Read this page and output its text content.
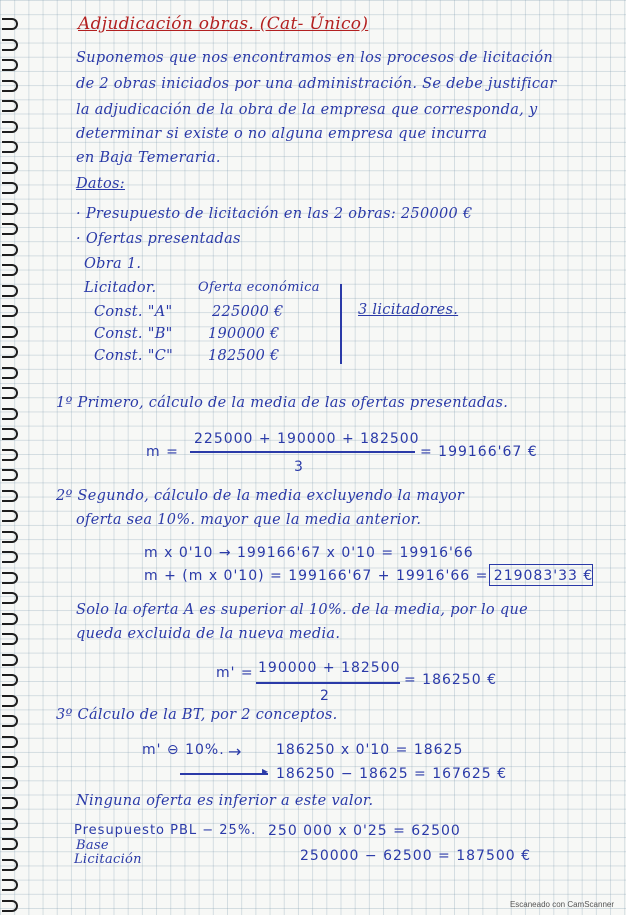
Adjudicación obras. (Cat- Único)
Suponemos que nos encontramos en los procesos de licitación
de 2 obras iniciados por una administración. Se debe justificar
la adjudicación de la obra de la empresa que corresponda, y
determinar si existe o no alguna empresa que incurra
en Baja Temeraria.
Datos:
· Presupuesto de licitación en las 2 obras: 250000 €
· Ofertas presentadas
Obra 1.
Licitador.	Oferta económica
Const. "A"	225000 €
Const. "B" 190000 €
Const. "C" 182500 €
3 licitadores.
1º Primero, cálculo de la media de las ofertas presentadas.
m =
225000 + 190000 + 182500
3
= 199166'67 €
2º Segundo, cálculo de la media excluyendo la mayor
oferta sea 10%. mayor que la media anterior.
m x 0'10 → 199166'67 x 0'10 = 19916'66
m + (m x 0'10) = 199166'67 + 19916'66 = 219083'33 €
Solo la oferta A es superior al 10%. de la media, por lo que
queda excluida de la nueva media.
m' = 190000 + 182500
2
= 186250 €
3º Cálculo de la BT, por 2 conceptos.
m' ⊖ 10%. → 186250 x 0'10 = 18625
▸ 186250 − 18625 = 167625 €
Ninguna oferta es inferior a este valor.
Presupuesto PBL − 25%. 250 000 x 0'25 = 62500
Base
Licitación	250000 − 62500 = 187500 €
Escaneado con CamScanner
